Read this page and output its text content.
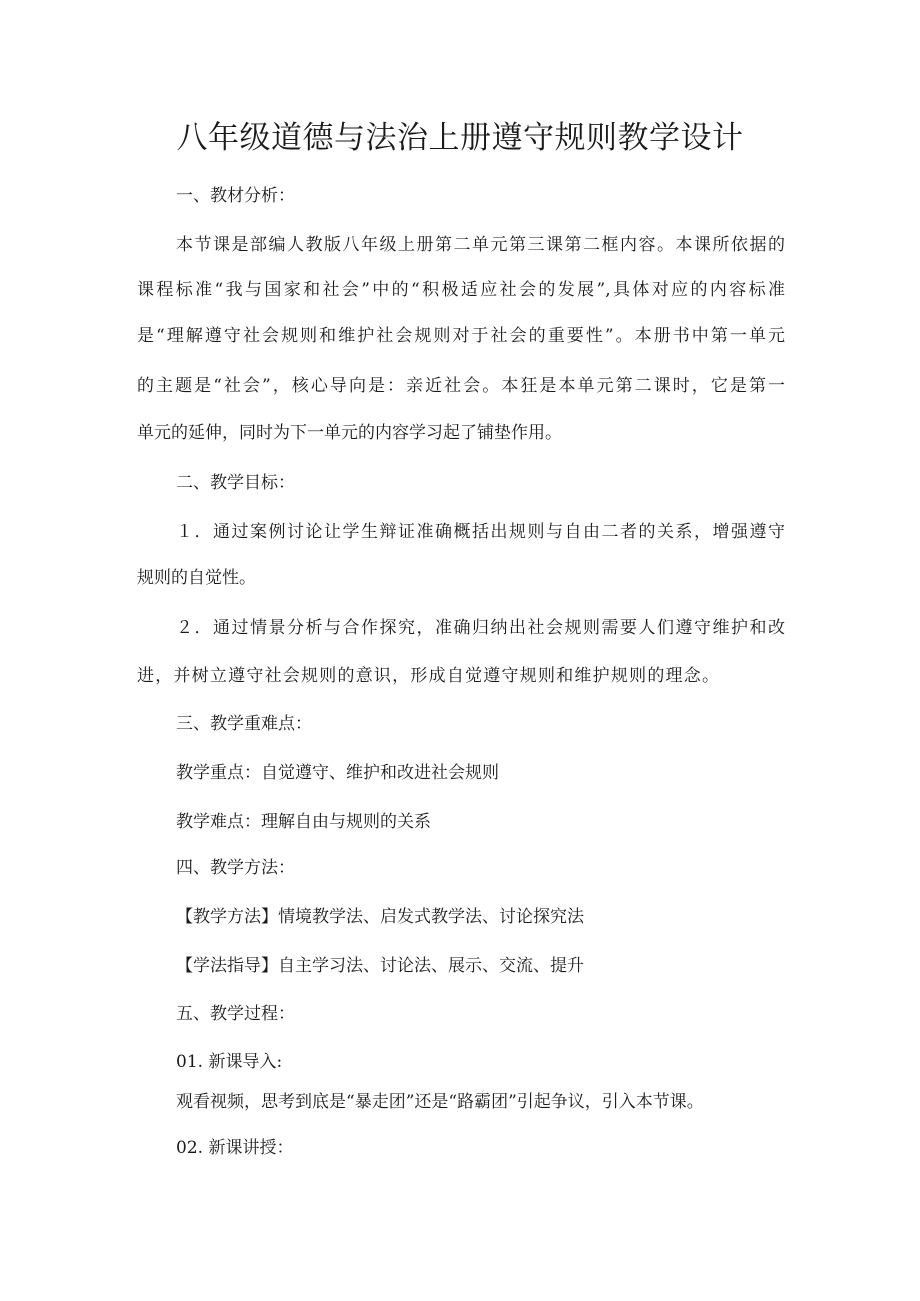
八年级道德与法治上册遵守规则教学设计

一、教材分析：

本节课是部编人教版八年级上册第二单元第三课第二框内容。本课所依据的

课程标准“我与国家和社会”中的“积极适应社会的发展”,具体对应的内容标准

是“理解遵守社会规则和维护社会规则对于社会的重要性”。本册书中第一单元

的主题是“社会”，核心导向是：亲近社会。本狂是本单元第二课时，它是第一

单元的延伸，同时为下一单元的内容学习起了铺垫作用。

二、教学目标：

１．通过案例讨论让学生辩证准确概括出规则与自由二者的关系，增强遵守

规则的自觉性。

２．通过情景分析与合作探究，准确归纳出社会规则需要人们遵守维护和改

进，并树立遵守社会规则的意识，形成自觉遵守规则和维护规则的理念。

三、教学重难点：

教学重点：自觉遵守、维护和改进社会规则

教学难点：理解自由与规则的关系

四、教学方法：

【教学方法】情境教学法、启发式教学法、讨论探究法

【学法指导】自主学习法、讨论法、展示、交流、提升

五、教学过程：

01. 新课导入:

观看视频，思考到底是“暴走团”还是“路霸团”引起争议，引入本节课。

02. 新课讲授：
